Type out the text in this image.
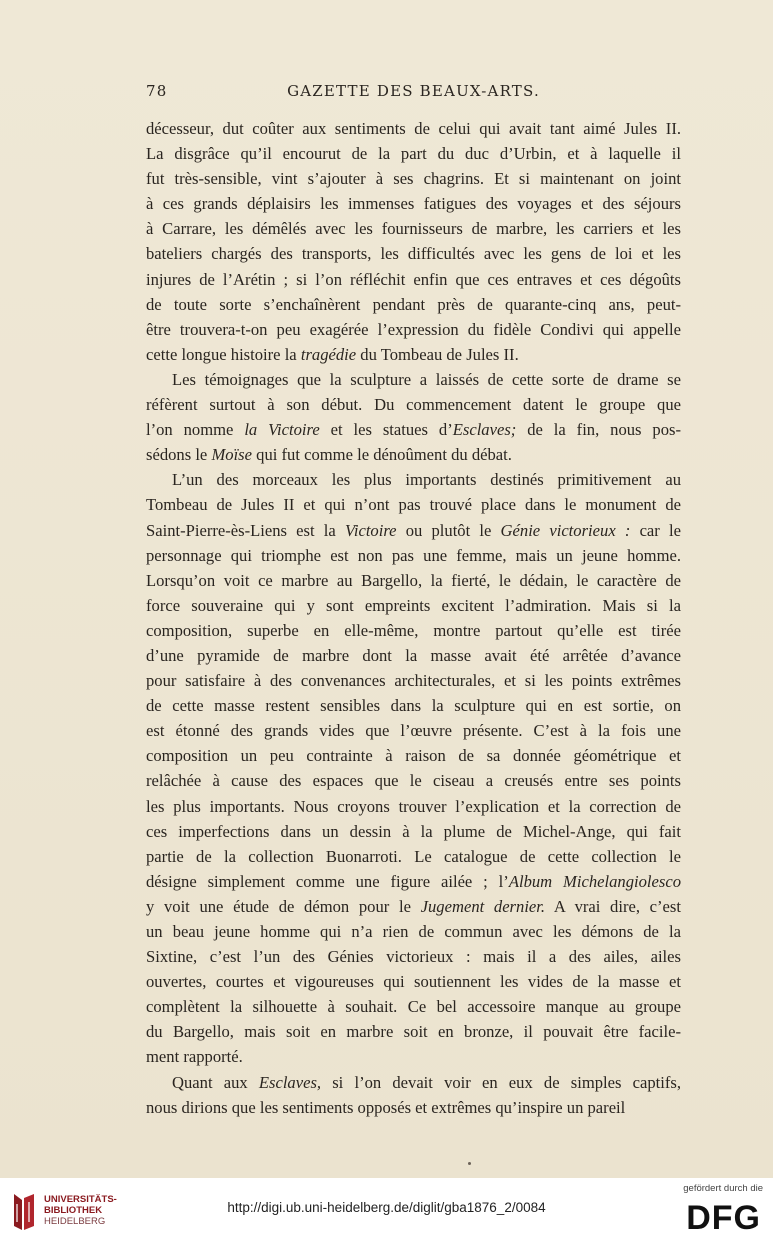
78	GAZETTE DES BEAUX-ARTS.

décesseur, dut coûter aux sentiments de celui qui avait tant aimé Jules II.
La disgrâce qu’il encourut de la part du duc d’Urbin, et à laquelle il
fut très-sensible, vint s’ajouter à ses chagrins. Et si maintenant on joint
à ces grands déplaisirs les immenses fatigues des voyages et des séjours
à Carrare, les démêlés avec les fournisseurs de marbre, les carriers et les
bateliers chargés des transports, les difficultés avec les gens de loi et les
injures de l’Arétin ; si l’on réfléchit enfin que ces entraves et ces dégoûts
de toute sorte s’enchaînèrent pendant près de quarante-cinq ans, peut-
être trouvera-t-on peu exagérée l’expression du fidèle Condivi qui appelle
cette longue histoire la tragédie du Tombeau de Jules II.

Les témoignages que la sculpture a laissés de cette sorte de drame se
réfèrent surtout à son début. Du commencement datent le groupe que
l’on nomme la Victoire et les statues d’Esclaves; de la fin, nous pos-
sédons le Moïse qui fut comme le dénoûment du débat.

L’un des morceaux les plus importants destinés primitivement au
Tombeau de Jules II et qui n’ont pas trouvé place dans le monument de
Saint-Pierre-ès-Liens est la Victoire ou plutôt le Génie victorieux : car le
personnage qui triomphe est non pas une femme, mais un jeune homme.
Lorsqu’on voit ce marbre au Bargello, la fierté, le dédain, le caractère de
force souveraine qui y sont empreints excitent l’admiration. Mais si la
composition, superbe en elle-même, montre partout qu’elle est tirée
d’une pyramide de marbre dont la masse avait été arrêtée d’avance
pour satisfaire à des convenances architecturales, et si les points extrêmes
de cette masse restent sensibles dans la sculpture qui en est sortie, on
est étonné des grands vides que l’œuvre présente. C’est à la fois une
composition un peu contrainte à raison de sa donnée géométrique et
relâchée à cause des espaces que le ciseau a creusés entre ses points
les plus importants. Nous croyons trouver l’explication et la correction de
ces imperfections dans un dessin à la plume de Michel-Ange, qui fait
partie de la collection Buonarroti. Le catalogue de cette collection le
désigne simplement comme une figure ailée ; l’Album Michelangiolesco
y voit une étude de démon pour le Jugement dernier. A vrai dire, c’est
un beau jeune homme qui n’a rien de commun avec les démons de la
Sixtine, c’est l’un des Génies victorieux : mais il a des ailes, ailes
ouvertes, courtes et vigoureuses qui soutiennent les vides de la masse et
complètent la silhouette à souhait. Ce bel accessoire manque au groupe
du Bargello, mais soit en marbre soit en bronze, il pouvait être facile-
ment rapporté.

Quant aux Esclaves, si l’on devait voir en eux de simples captifs,
nous dirions que les sentiments opposés et extrêmes qu’inspire un pareil

UNIVERSITÄTS-
BIBLIOTHEK
HEIDELBERG
http://digi.ub.uni-heidelberg.de/diglit/gba1876_2/0084
gefördert durch die
DFG
